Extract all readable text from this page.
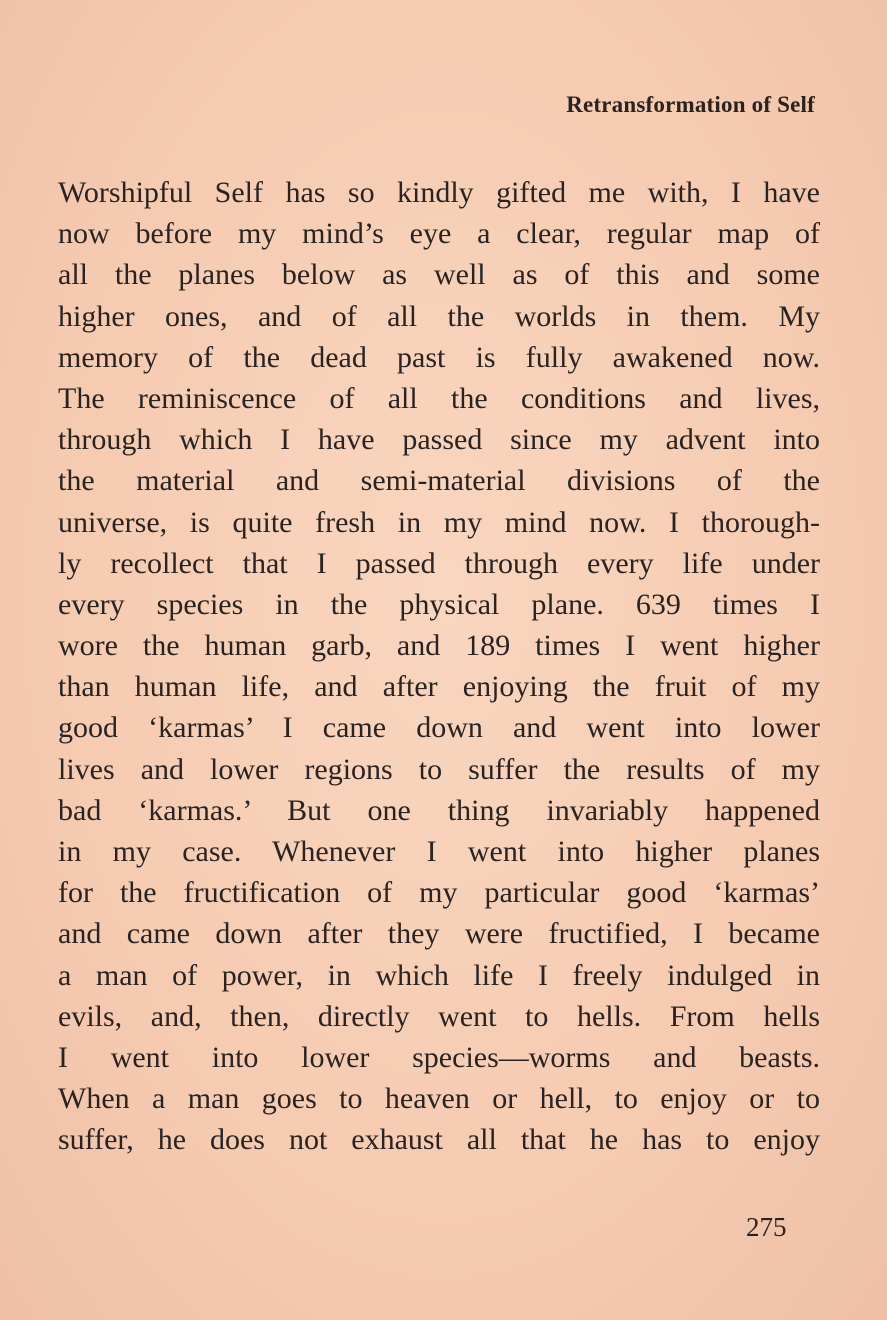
Retransformation of Self
Worshipful Self has so kindly gifted me with, I have
now before my mind’s eye a clear, regular map of
all the planes below as well as of this and some
higher ones, and of all the worlds in them. My
memory of the dead past is fully awakened now.
The reminiscence of all the conditions and lives,
through which I have passed since my advent into
the material and semi-material divisions of the
universe, is quite fresh in my mind now. I thorough-
ly recollect that I passed through every life under
every species in the physical plane. 639 times I
wore the human garb, and 189 times I went higher
than human life, and after enjoying the fruit of my
good ‘karmas’ I came down and went into lower
lives and lower regions to suffer the results of my
bad ‘karmas.’ But one thing invariably happened
in my case. Whenever I went into higher planes
for the fructification of my particular good ‘karmas’
and came down after they were fructified, I became
a man of power, in which life I freely indulged in
evils, and, then, directly went to hells. From hells
I went into lower species—worms and beasts.
When a man goes to heaven or hell, to enjoy or to
suffer, he does not exhaust all that he has to enjoy
275
